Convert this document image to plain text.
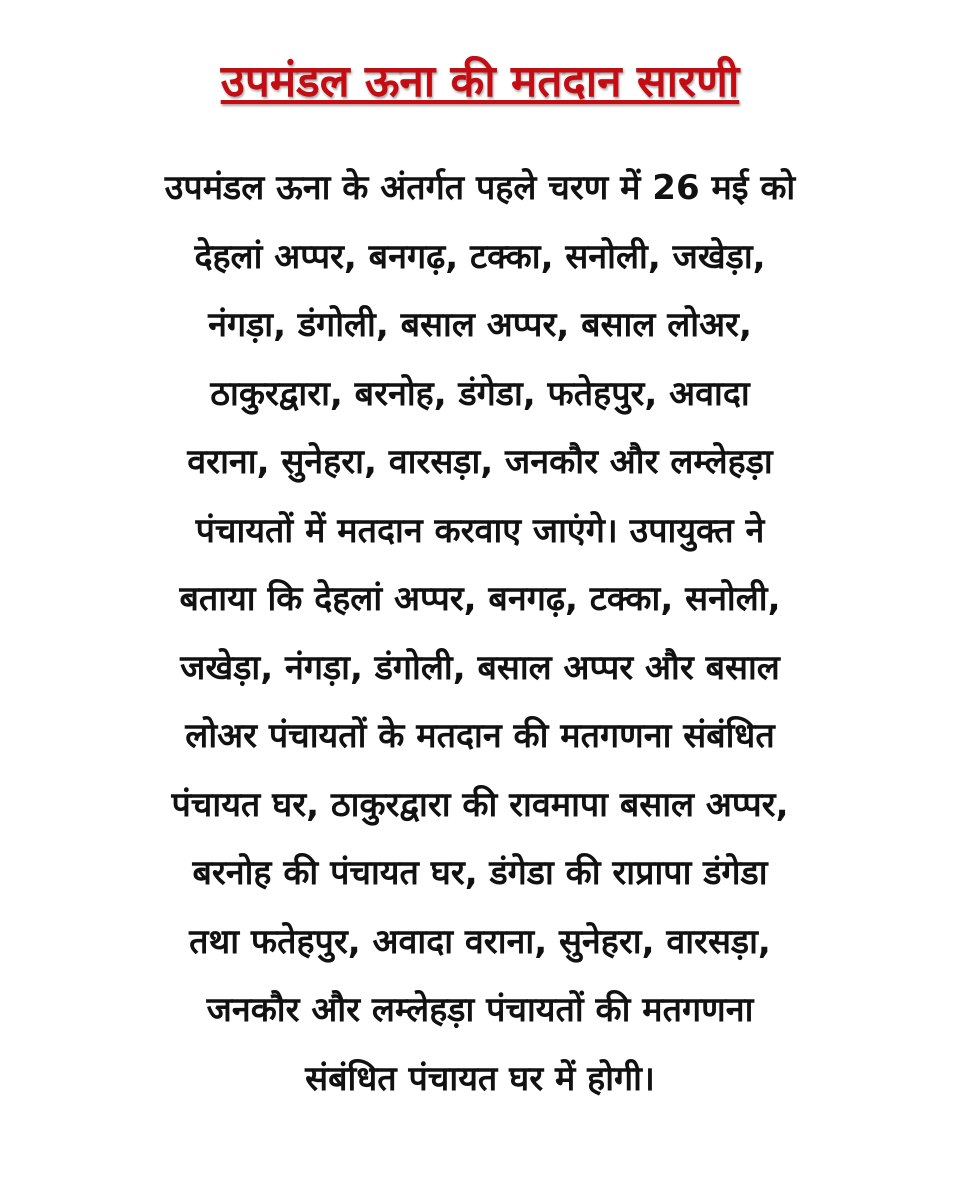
उपमंडल ऊना की मतदान सारणी
उपमंडल ऊना के अंतर्गत पहले चरण में 26 मई को
देहलां अप्पर, बनगढ़, टक्का, सनोली, जखेड़ा,
नंगड़ा, डंगोली, बसाल अप्पर, बसाल लोअर,
ठाकुरद्वारा, बरनोह, डंगेडा, फतेहपुर, अवादा
वराना, सुनेहरा, वारसड़ा, जनकौर और लम्लेहड़ा
पंचायतों में मतदान करवाए जाएंगे। उपायुक्त ने
बताया कि देहलां अप्पर, बनगढ़, टक्का, सनोली,
जखेड़ा, नंगड़ा, डंगोली, बसाल अप्पर और बसाल
लोअर पंचायतों के मतदान की मतगणना संबंधित
पंचायत घर, ठाकुरद्वारा की रावमापा बसाल अप्पर,
बरनोह की पंचायत घर, डंगेडा की राप्रापा डंगेडा
तथा फतेहपुर, अवादा वराना, सुनेहरा, वारसड़ा,
जनकौर और लम्लेहड़ा पंचायतों की मतगणना
संबंधित पंचायत घर में होगी।
